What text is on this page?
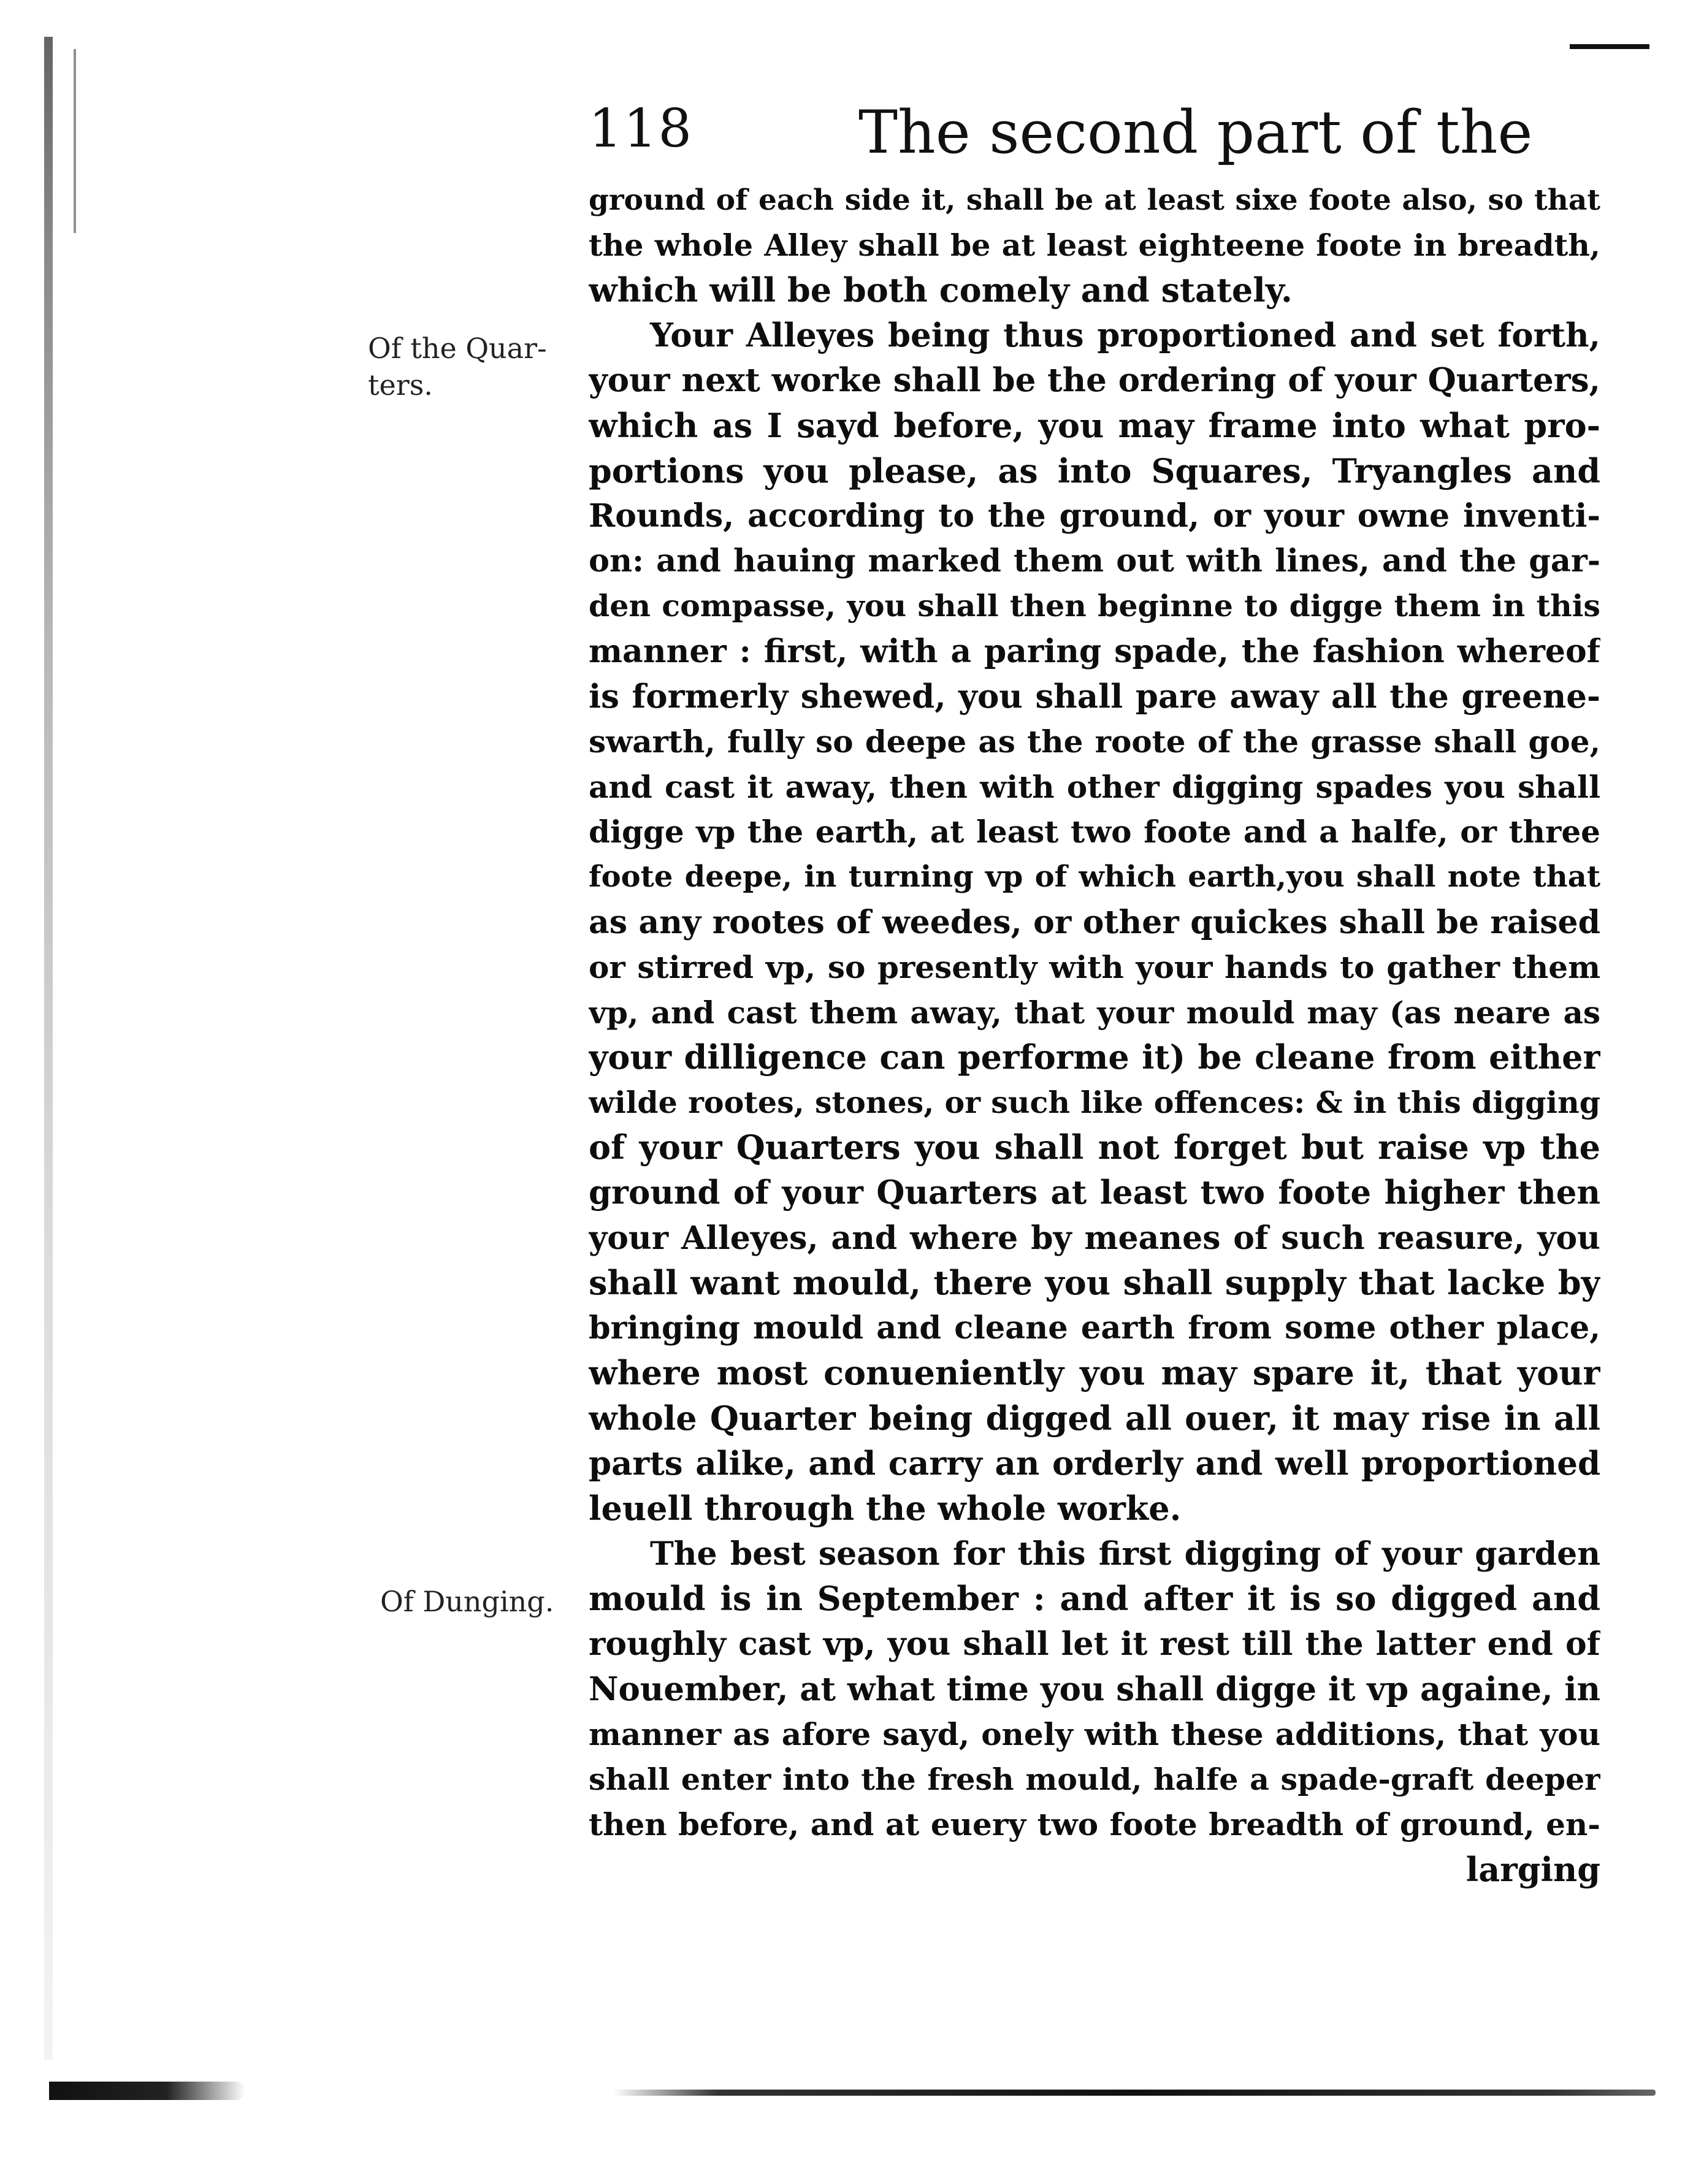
118	The second part of the
Of the Quar-
ters.
Of Dunging.
ground of each side it, shall be at least sixe foote also, so that
the whole Alley shall be at least eighteene foote in breadth,
which will be both comely and stately.
Your Alleyes being thus proportioned and set forth,
your next worke shall be the ordering of your Quarters,
which as I sayd before, you may frame into what pro-
portions you please, as into Squares, Tryangles and
Rounds, according to the ground, or your owne inventi-
on: and hauing marked them out with lines, and the gar-
den compasse, you shall then beginne to digge them in this
manner : first, with a paring spade, the fashion whereof
is formerly shewed, you shall pare away all the greene-
swarth, fully so deepe as the roote of the grasse shall goe,
and cast it away, then with other digging spades you shall
digge vp the earth, at least two foote and a halfe, or three
foote deepe, in turning vp of which earth,you shall note that
as any rootes of weedes, or other quickes shall be raised
or stirred vp, so presently with your hands to gather them
vp, and cast them away, that your mould may (as neare as
your dilligence can performe it) be cleane from either
wilde rootes, stones, or such like offences: & in this digging
of your Quarters you shall not forget but raise vp the
ground of your Quarters at least two foote higher then
your Alleyes, and where by meanes of such reasure, you
shall want mould, there you shall supply that lacke by
bringing mould and cleane earth from some other place,
where most conueniently you may spare it, that your
whole Quarter being digged all ouer, it may rise in all
parts alike, and carry an orderly and well proportioned
leuell through the whole worke.
The best season for this first digging of your garden
mould is in September : and after it is so digged and
roughly cast vp, you shall let it rest till the latter end of
Nouember, at what time you shall digge it vp againe, in
manner as afore sayd, onely with these additions, that you
shall enter into the fresh mould, halfe a spade-graft deeper
then before, and at euery two foote breadth of ground, en-
larging
